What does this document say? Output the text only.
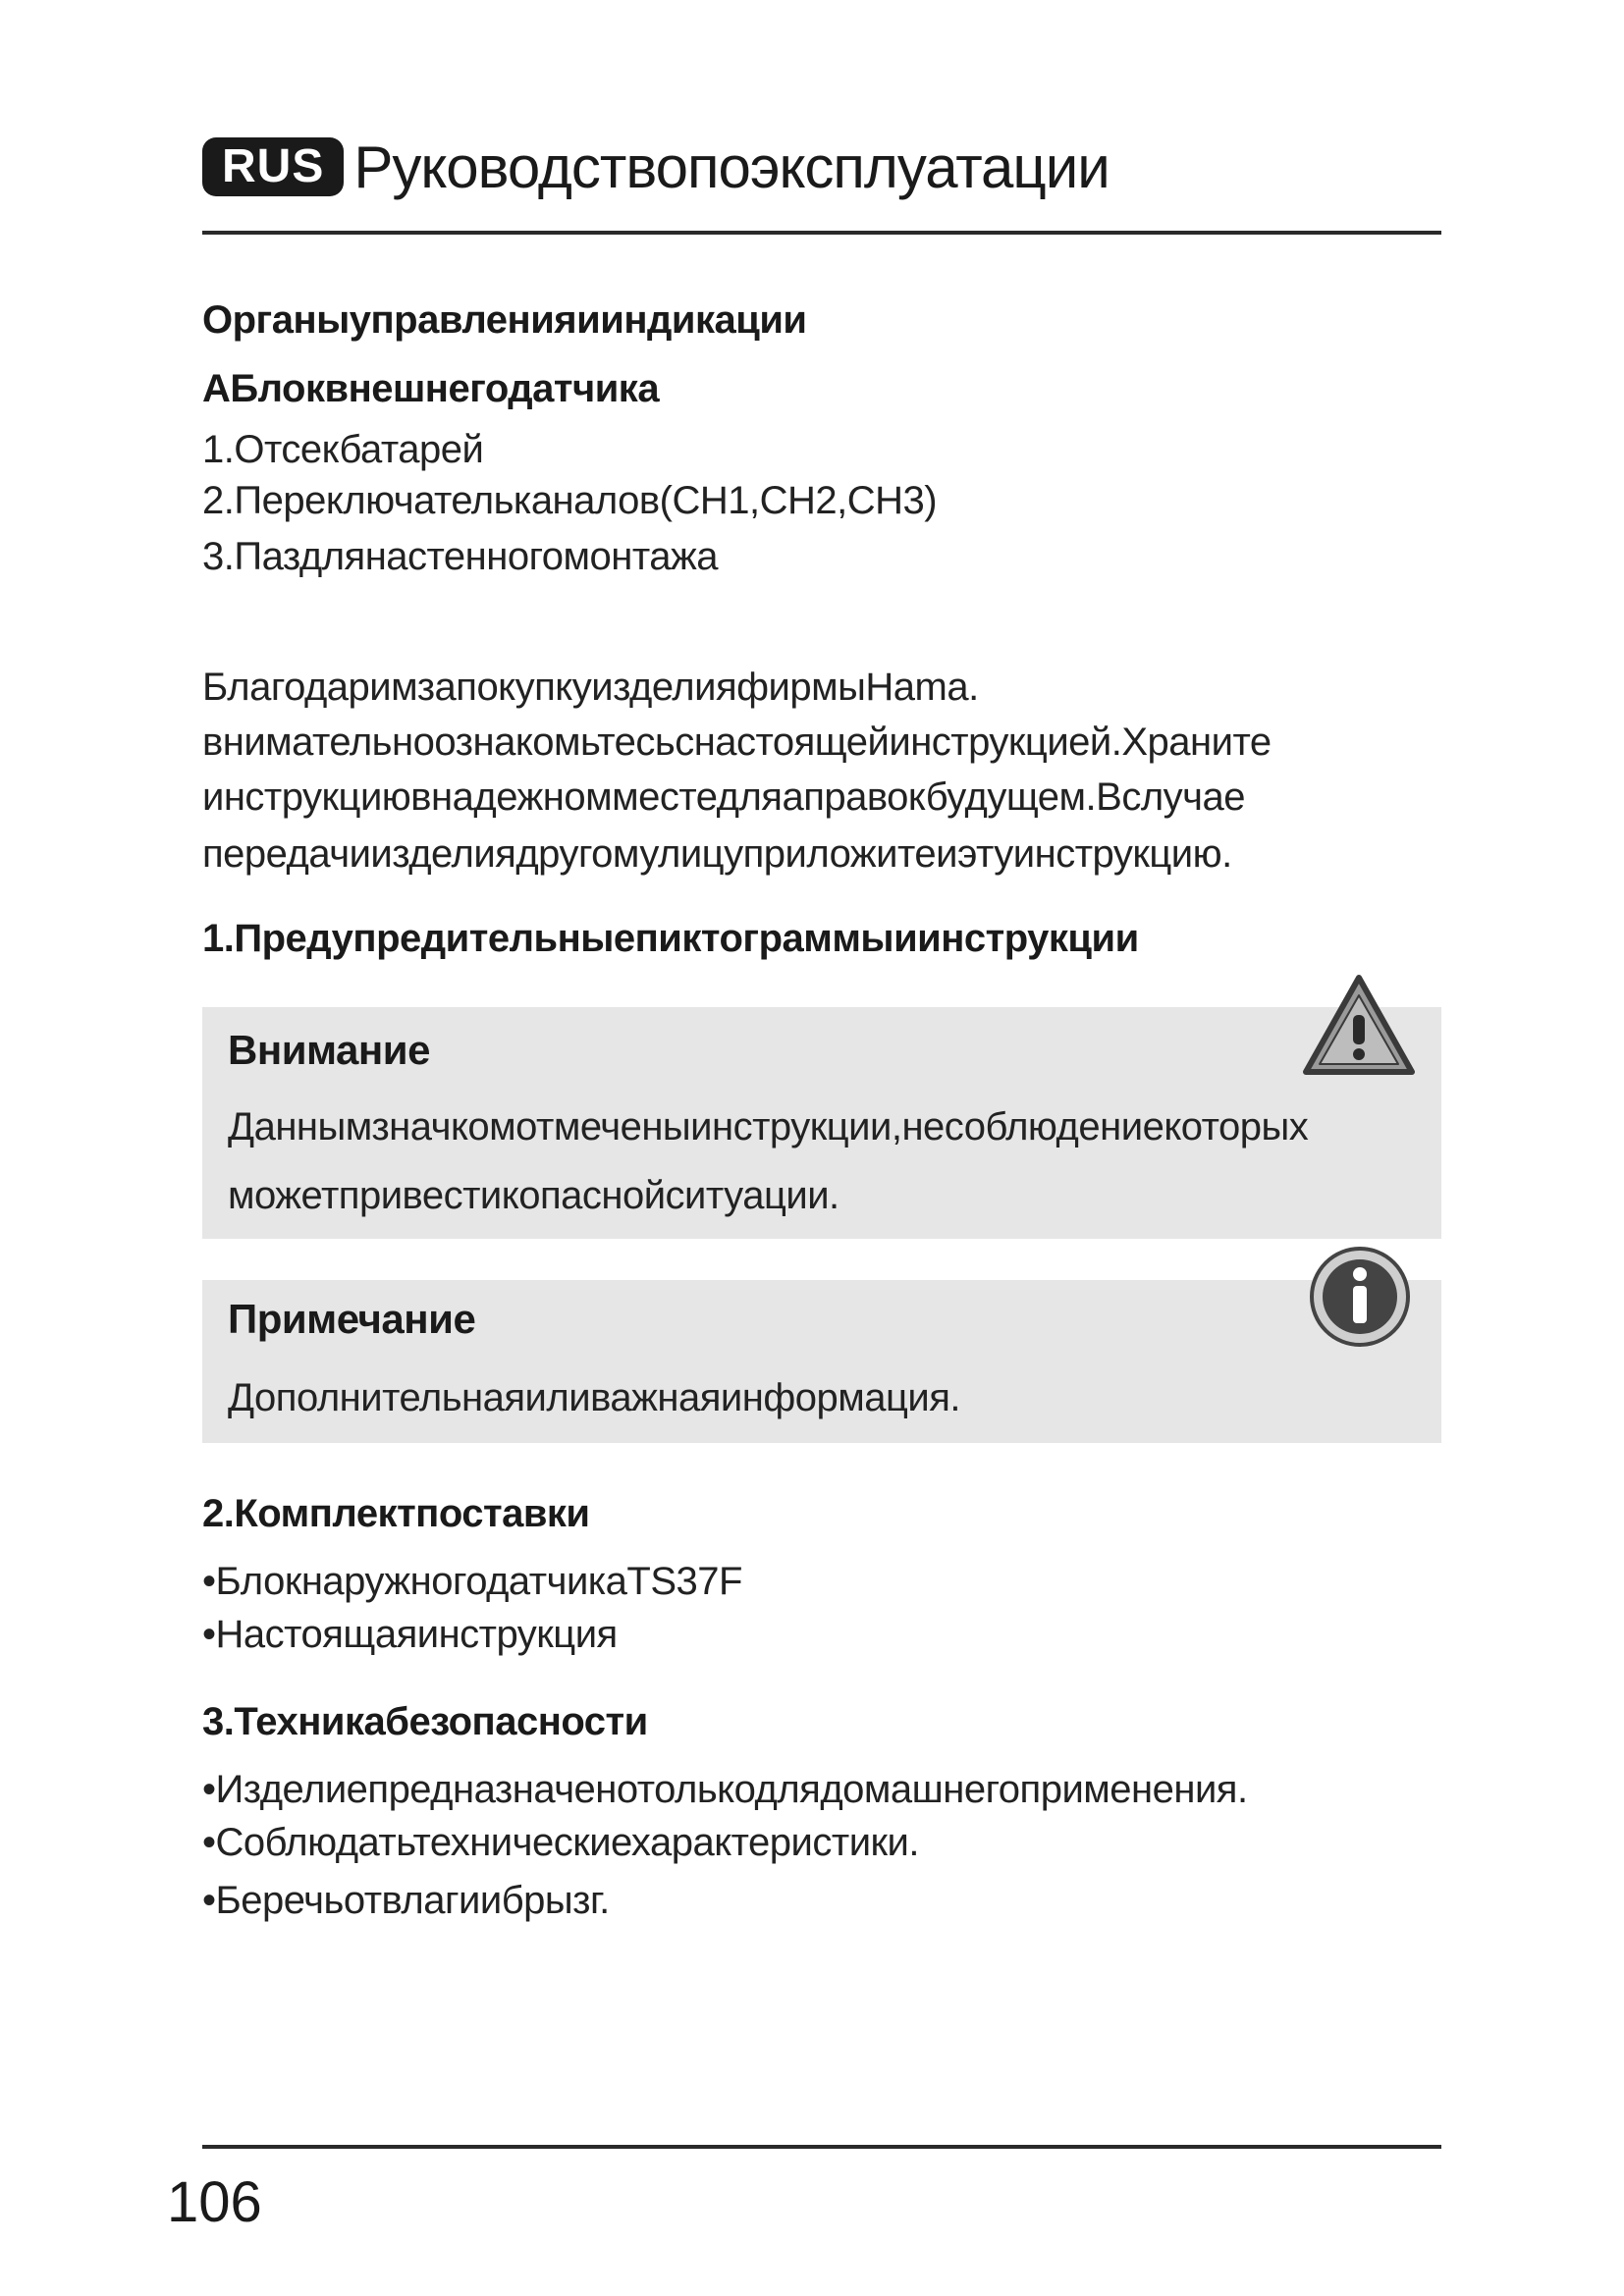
RUS Руководствопоэксплуатации

Органыуправленияииндикации

АБлоквнешнегодатчика

1.Отсекбатарей

2.Переключательканалов(CH1,CH2,CH3)

3.Паздлянастенногомонтажа

БлагодаримзапокупкуизделияфирмыHama.

внимательноознакомьтесьснастоящейинструкцией.Храните

инструкциювнадежномместедляаправокбудущем.Вслучае

передачиизделиядругомулицуприложитеиэтуинструкцию.

1.Предупредительныепиктограммыиинструкции

Внимание
Даннымзначкомотмеченыинструкции,несоблюдениекоторых
можетпривестикопаснойситуации.
Примечание
Дополнительнаяиливажнаяинформация.

2.Комплектпоставки

•БлокнаружногодатчикаTS37F

•Настоящаяинструкция

3.Техникабезопасности

•Изделиепредназначенотолькодлядомашнегоприменения.

•Соблюдатьтехническиехарактеристики.

•Беречьотвлагиибрызг.

106
